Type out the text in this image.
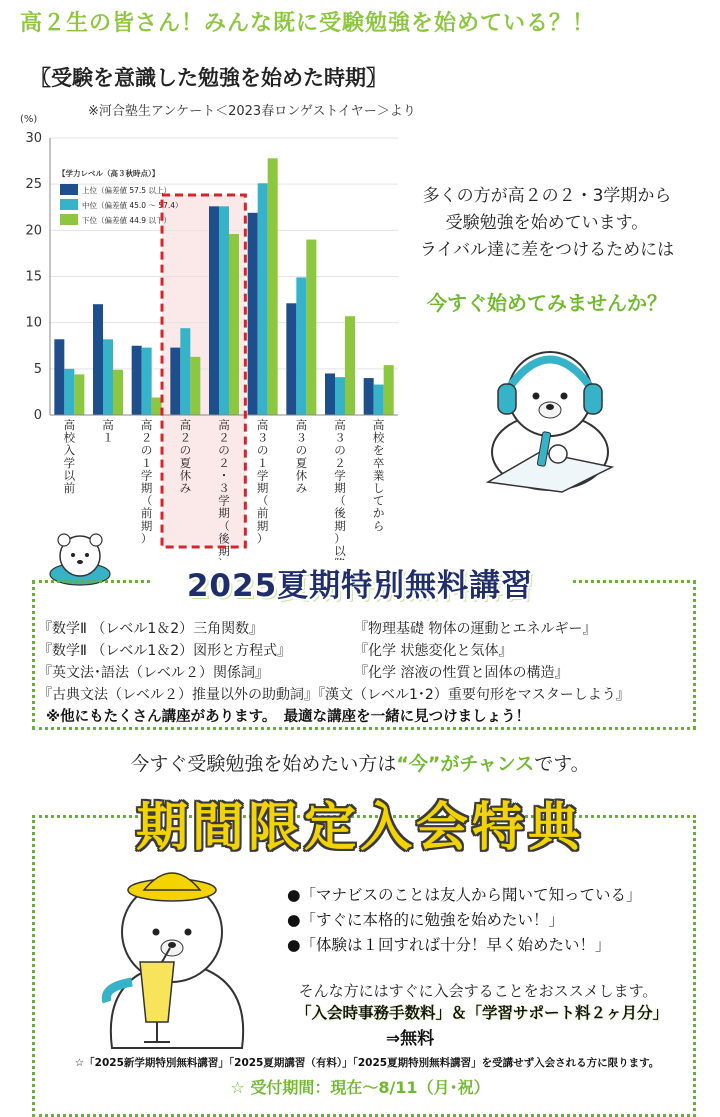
高２生の皆さん！みんな既に受験勉強を始めている？！
〖受験を意識した勉強を始めた時期〗
※河合塾生アンケート＜2023春ロンゲストイヤー＞より
(%)
0
5
10
15
20
25
30
高校入学以前
高１
高２の１学期（前期）
高２の夏休み
高２の２・３学期（後期
高３の１学期（前期）
高３の夏休み
高３の２学期（後期）以
高校を卒業してから
【学力レベル（高３秋時点）】
上位（偏差値 57.5 以上）
中位（偏差値 45.0 ～ 57.4）
下位（偏差値 44.9 以下）
多くの方が高２の２・3学期から
受験勉強を始めています。
ライバル達に差をつけるためには
今すぐ始めてみませんか？
2025夏期特別無料講習
『数学Ⅱ （レベル1＆2）三角関数』
『数学Ⅱ （レベル1＆2）図形と方程式』
『英文法･語法（レベル２）関係詞』
『物理基礎 物体の運動とエネルギー』
『化学 状態変化と気体』
『化学 溶液の性質と固体の構造』
『古典文法（レベル２）推量以外の助動詞』『漢文（レベル1･2）重要句形をマスターしよう』
※他にもたくさん講座があります。　最適な講座を一緒に見つけましょう！
今すぐ受験勉強を始めたい方は“今”がチャンスです。
期間限定入会特典
●「マナビスのことは友人から聞いて知っている」
●「すぐに本格的に勉強を始めたい！」
●「体験は１回すれば十分！早く始めたい！」
そんな方にはすぐに入会することをおススメします。
「入会時事務手数料」＆「学習サポート料２ヶ月分」
⇒無料
☆「2025新学期特別無料講習」「2025夏期講習（有料）」「2025夏期特別無料講習」を受講せず入会される方に限ります。
☆ 受付期間：現在～8/11（月･祝）
